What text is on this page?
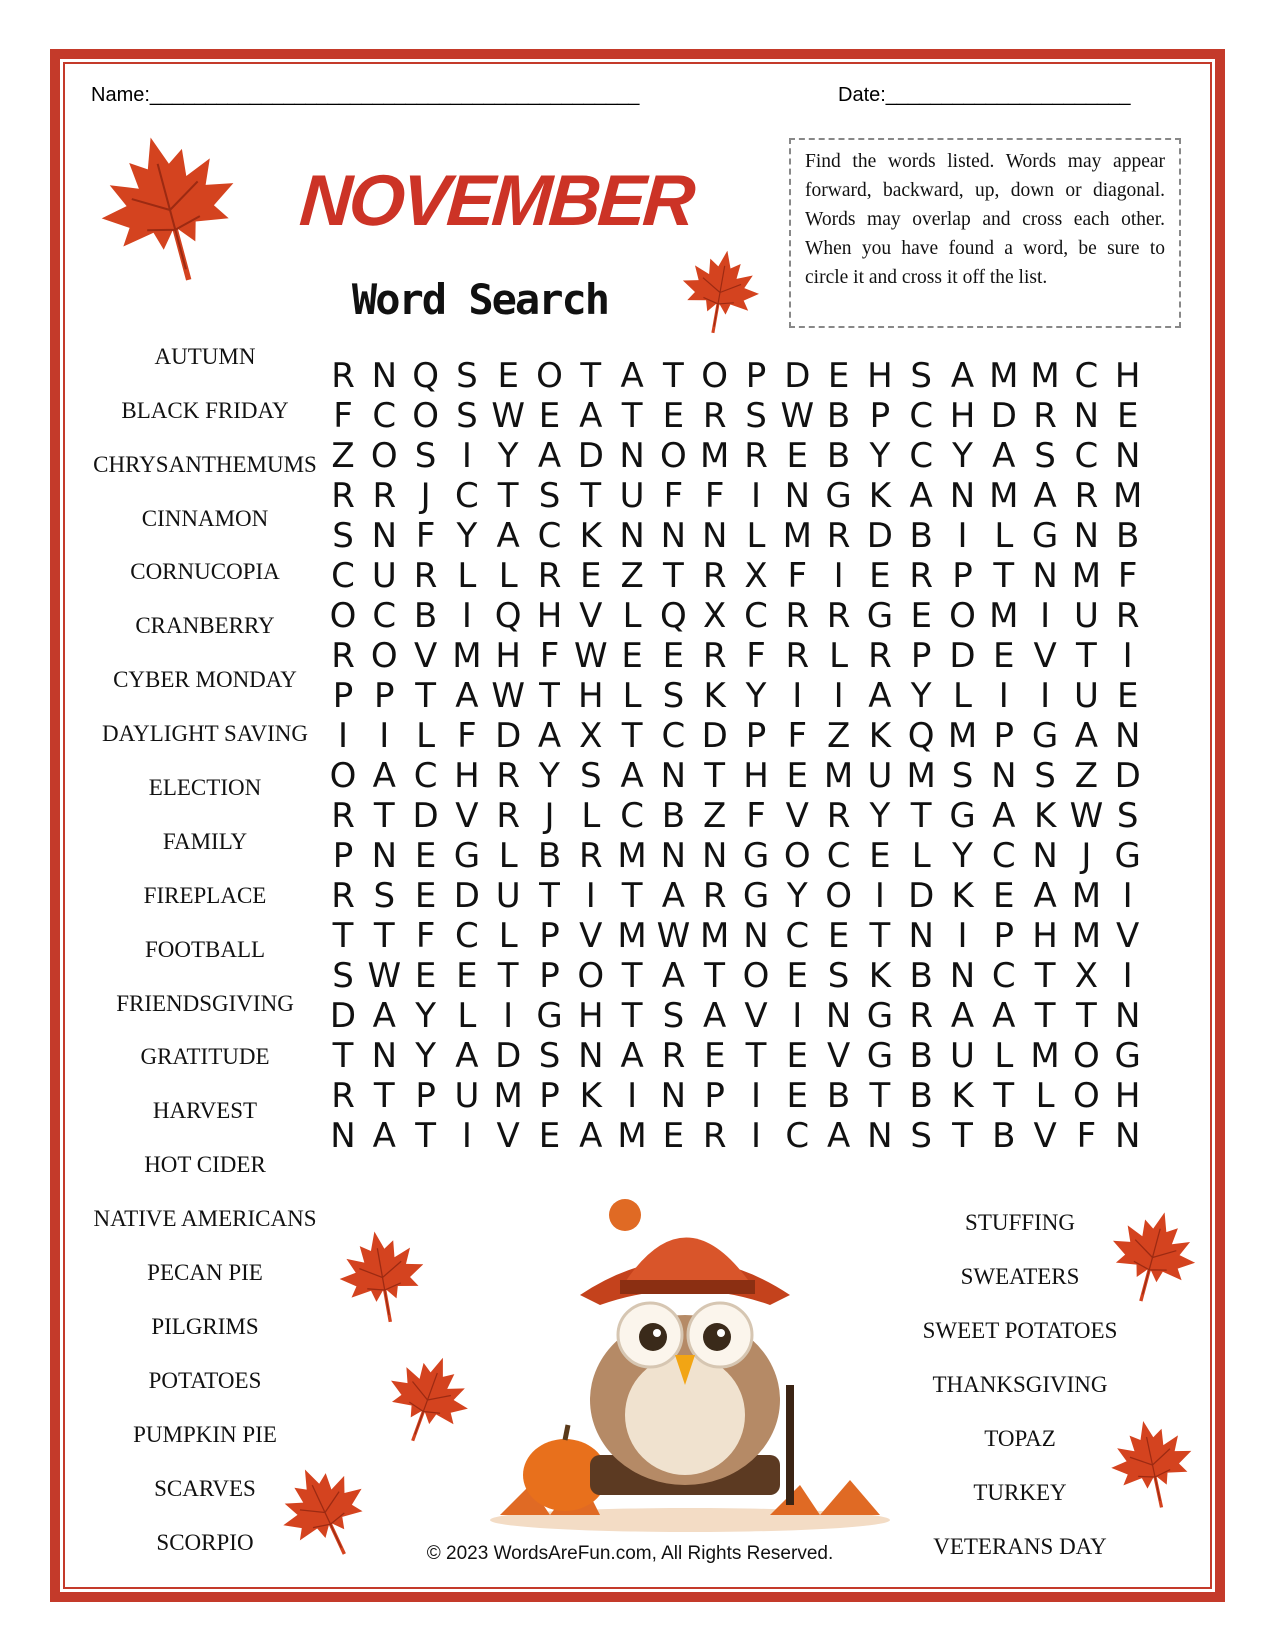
Name:____________________________________________	Date:______________________
NOVEMBER
Word Search
Find the words listed. Words may appear forward, backward, up, down or diagonal. Words may overlap and cross each other. When you have found a word, be sure to circle it and cross it off the list.
AUTUMN
BLACK FRIDAY
CHRYSANTHEMUMS
CINNAMON
CORNUCOPIA
CRANBERRY
CYBER MONDAY
DAYLIGHT SAVING
ELECTION
FAMILY
FIREPLACE
FOOTBALL
FRIENDSGIVING
GRATITUDE
HARVEST
HOT CIDER
NATIVE AMERICANS
PECAN PIE
PILGRIMS
POTATOES
PUMPKIN PIE
SCARVES
SCORPIO
STUFFING
SWEATERS
SWEET POTATOES
THANKSGIVING
TOPAZ
TURKEY
VETERANS DAY
R N Q S E O T A T O P D E H S A M M C H
F C O S W E A T E R S W B P C H D R N E
Z O S I Y A D N O M R E B Y C Y A S C N
R R J C T S T U F F I N G K A N M A R M
S N F Y A C K N N N L M R D B I L G N B
C U R L L R E Z T R X F I E R P T N M F
O C B I Q H V L Q X C R R G E O M I U R
R O V M H F W E E R F R L R P D E V T I
P P T A W T H L S K Y I I A Y L I I U E
I I L F D A X T C D P F Z K Q M P G A N
O A C H R Y S A N T H E M U M S N S Z D
R T D V R J L C B Z F V R Y T G A K W S
P N E G L B R M N N G O C E L Y C N J G
R S E D U T I T A R G Y O I D K E A M I
T T F C L P V M W M N C E T N I P H M V
S W E E T P O T A T O E S K B N C T X I
D A Y L I G H T S A V I N G R A A T T N
T N Y A D S N A R E T E V G B U L M O G
R T P U M P K I N P I E B T B K T L O H
N A T I V E A M E R I C A N S T B V F N
© 2023 WordsAreFun.com, All Rights Reserved.
